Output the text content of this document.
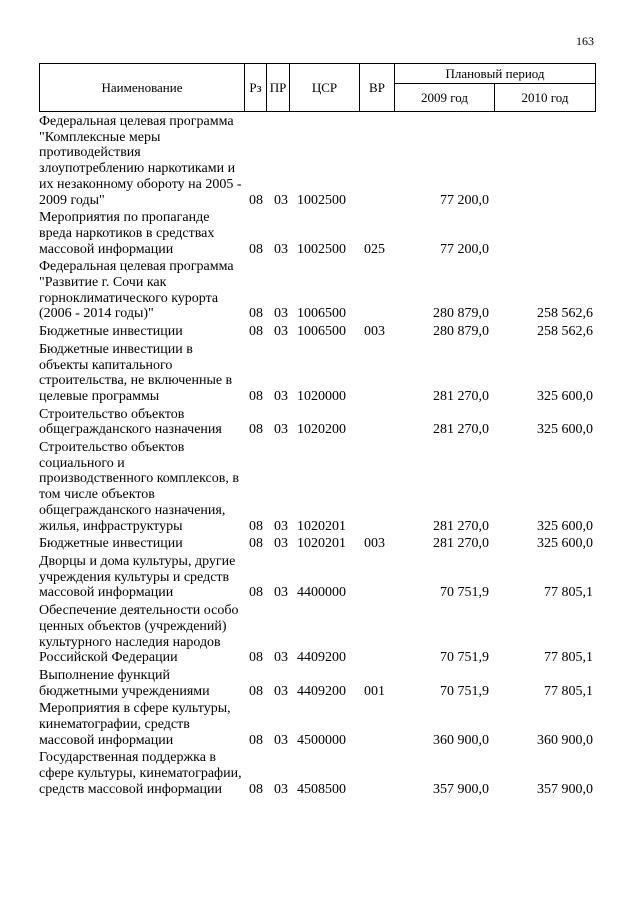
163
Наименование	Рз	ПР	ЦСР	ВР	Плановый период	
					2009 год	2010 год
Федеральная целевая программа "Комплексные меры противодействия злоупотреблению наркотиками и их незаконному обороту на 2005 - 2009 годы"	08 03 1002500	77 200,0
Мероприятия по пропаганде вреда наркотиков в средствах массовой информации	08 03 1002500 025	77 200,0
Федеральная целевая программа "Развитие г. Сочи как горноклиматического курорта (2006 - 2014 годы)"	08 03 1006500	280 879,0	258 562,6
Бюджетные инвестиции	08 03 1006500 003	280 879,0	258 562,6
Бюджетные инвестиции в объекты капитального строительства, не включенные в целевые программы	08 03 1020000	281 270,0	325 600,0
Строительство объектов общегражданского назначения	08 03 1020200	281 270,0	325 600,0
Строительство объектов социального и производственного комплексов, в том числе объектов общегражданского назначения, жилья, инфраструктуры	08 03 1020201	281 270,0	325 600,0
Бюджетные инвестиции	08 03 1020201 003	281 270,0	325 600,0
Дворцы и дома культуры, другие учреждения культуры и средств массовой информации	08 03 4400000	70 751,9	77 805,1
Обеспечение деятельности особо ценных объектов (учреждений) культурного наследия народов Российской Федерации	08 03 4409200	70 751,9	77 805,1
Выполнение функций бюджетными учреждениями	08 03 4409200 001	70 751,9	77 805,1
Мероприятия в сфере культуры, кинематографии, средств массовой информации	08 03 4500000	360 900,0	360 900,0
Государственная поддержка в сфере культуры, кинематографии, средств массовой информации	08 03 4508500	357 900,0	357 900,0
